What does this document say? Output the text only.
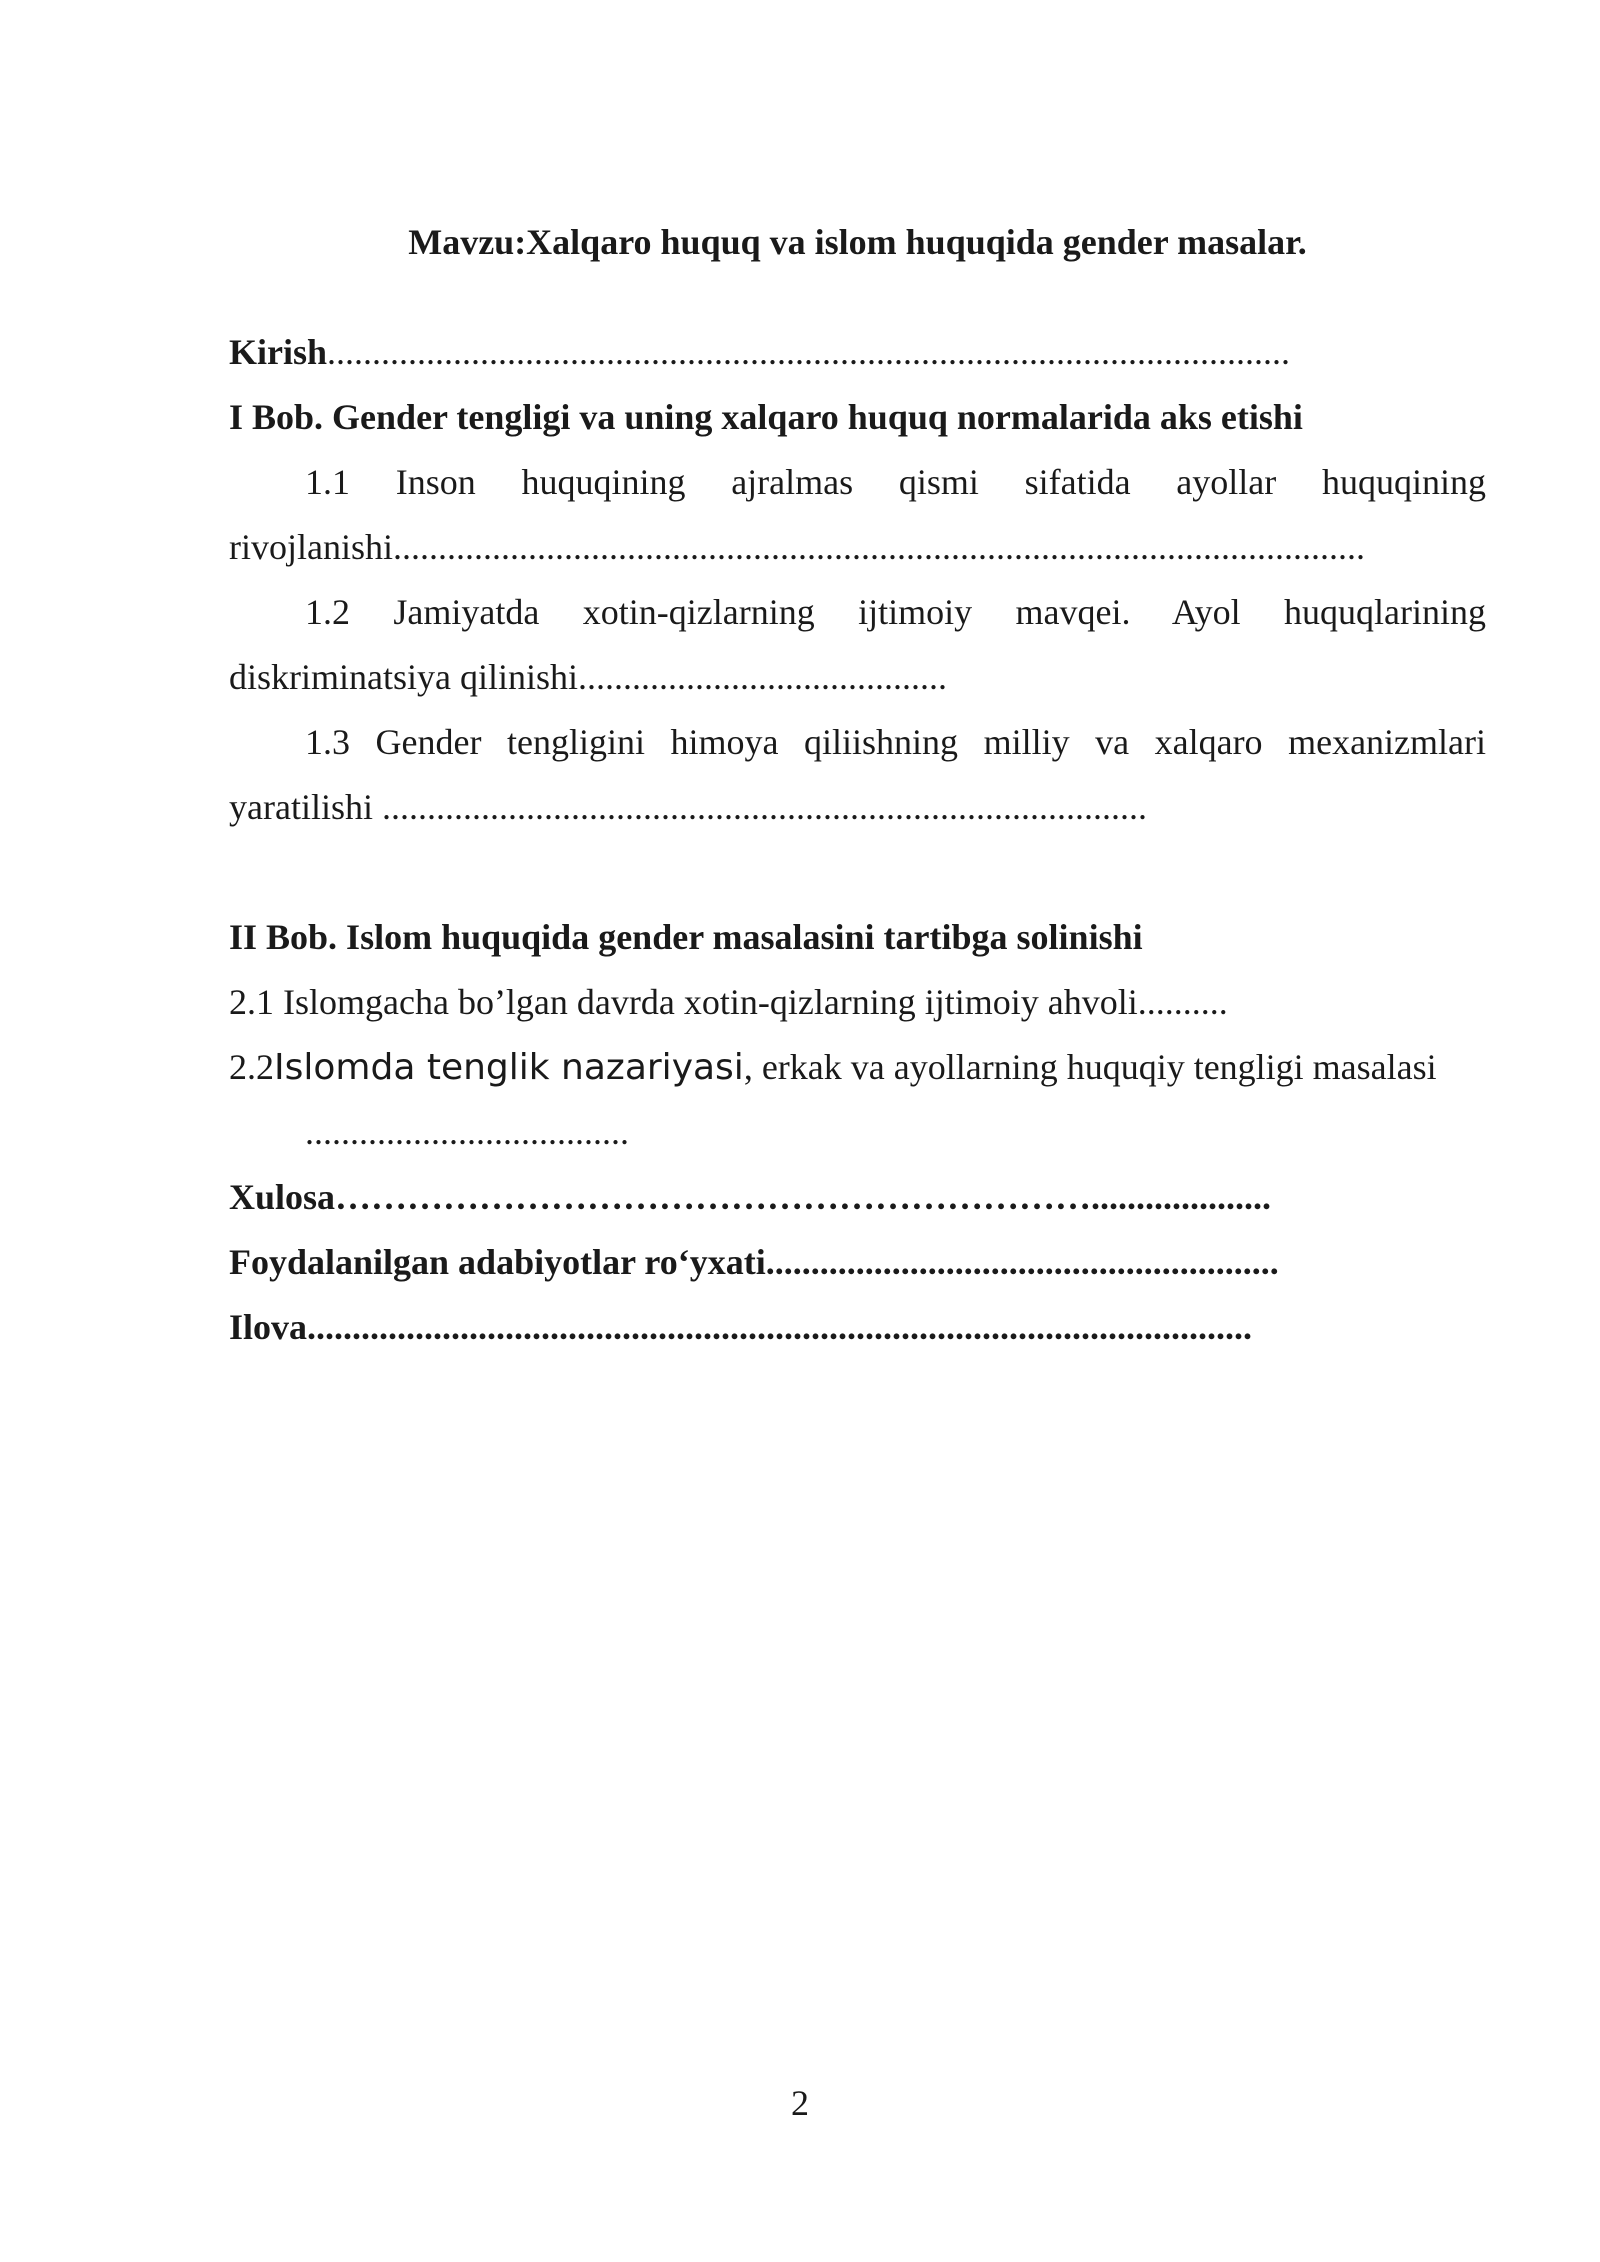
Mavzu:Xalqaro huquq va islom huquqida gender masalar.

Kirish...........................................................................................................

I Bob. Gender tengligi va uning xalqaro huquq normalarida aks etishi

1.1 Inson huquqining ajralmas qismi sifatida ayollar huquqining rivojlanishi............................................................................................................

1.2 Jamiyatda xotin-qizlarning ijtimoiy mavqei. Ayol huquqlarining diskriminatsiya qilinishi.........................................

1.3 Gender tengligini himoya qiliishning milliy va xalqaro mexanizmlari yaratilishi .....................................................................................

II Bob. Islom huquqida gender masalasini tartibga solinishi

2.1 Islomgacha bo’lgan davrda xotin-qizlarning ijtimoiy ahvoli..........

2.2Islomda tenglik nazariyasi, erkak va ayollarning huquqiy tengligi masalasi

....................................

Xulosa………………………………………………………....................

Foydalanilgan adabiyotlar ro‘yxati.........................................................

Ilova.........................................................................................................

2
